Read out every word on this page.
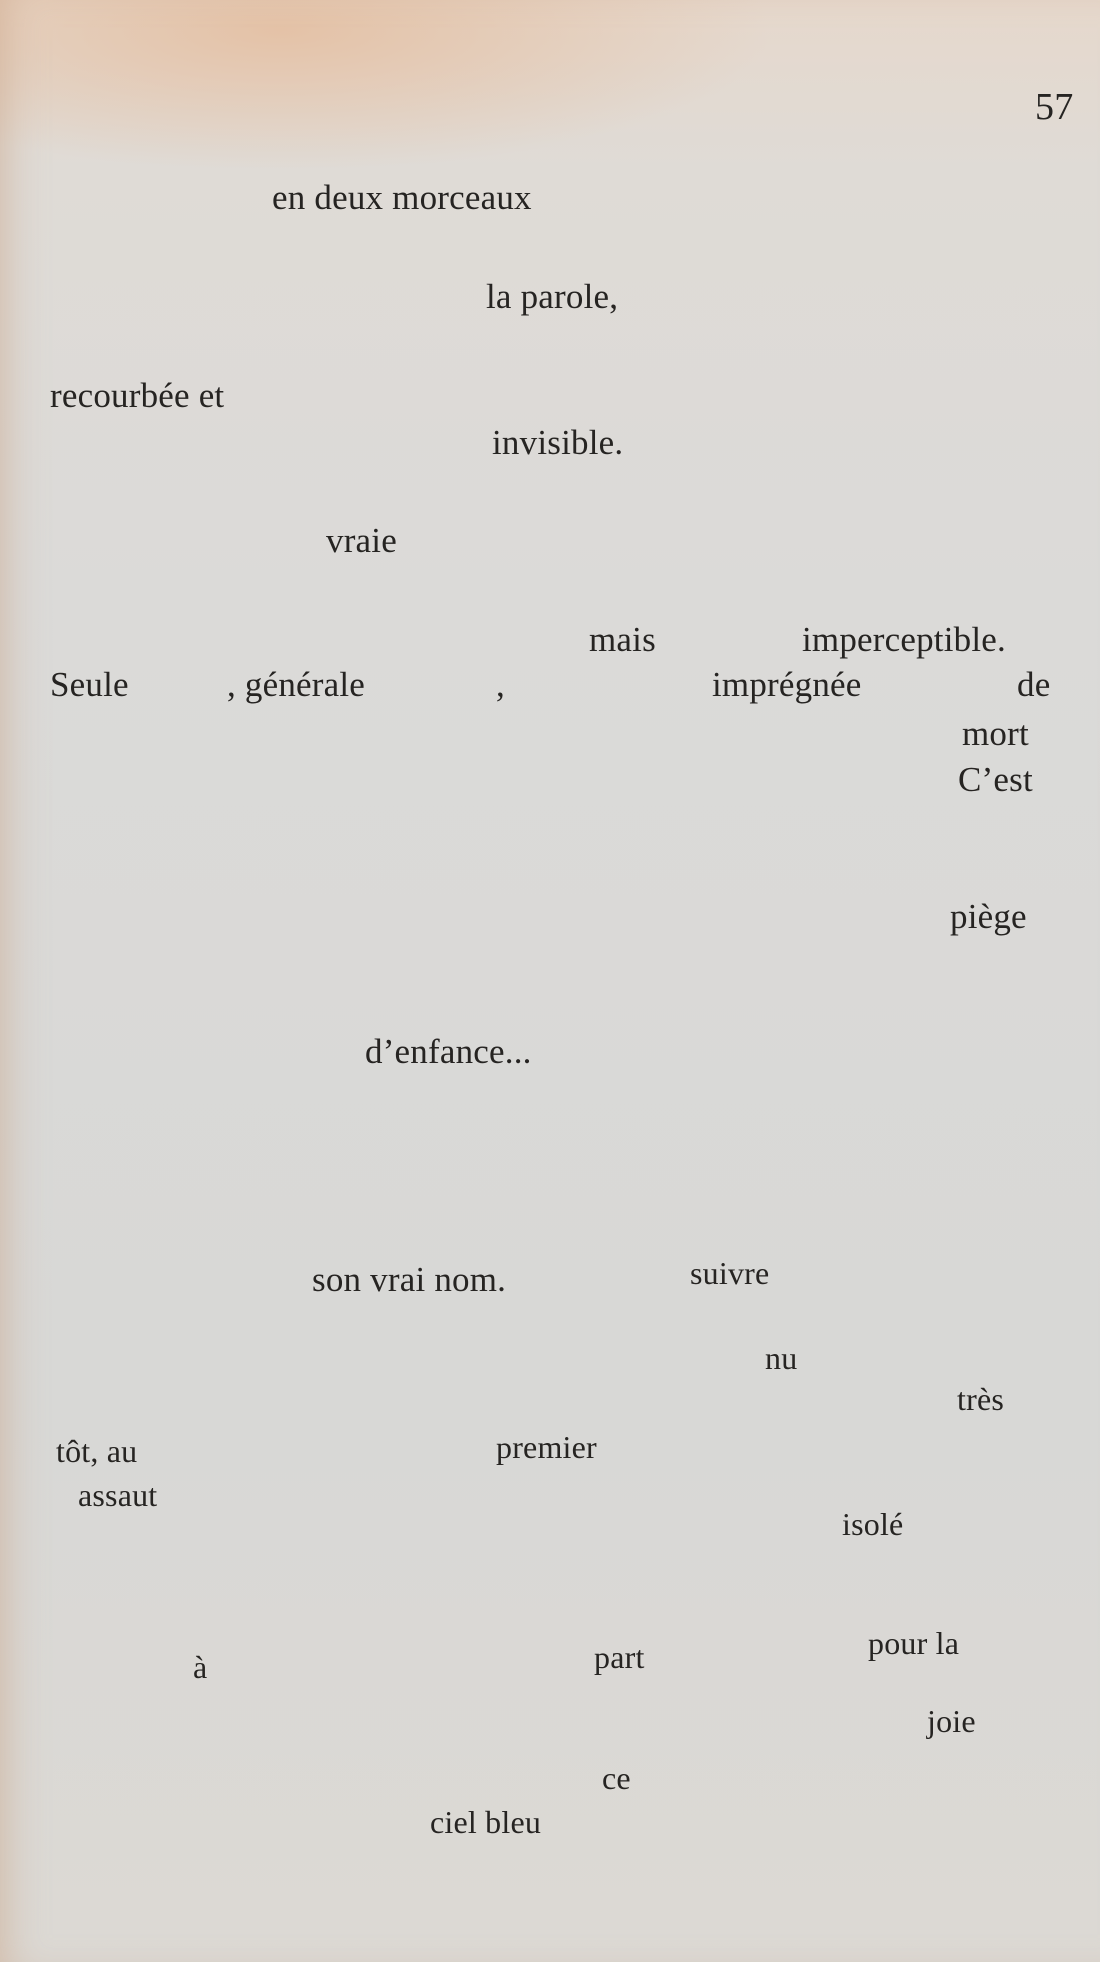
57
en deux morceaux
la parole,
recourbée et
invisible.
vraie
mais	imperceptible.
Seule	, générale	,	imprégnée	de
mort
C’est
piège
d’enfance...
son vrai nom.	suivre
nu
très
tôt, au	premier
assaut
isolé
à	part	pour la
joie
ce
ciel bleu
